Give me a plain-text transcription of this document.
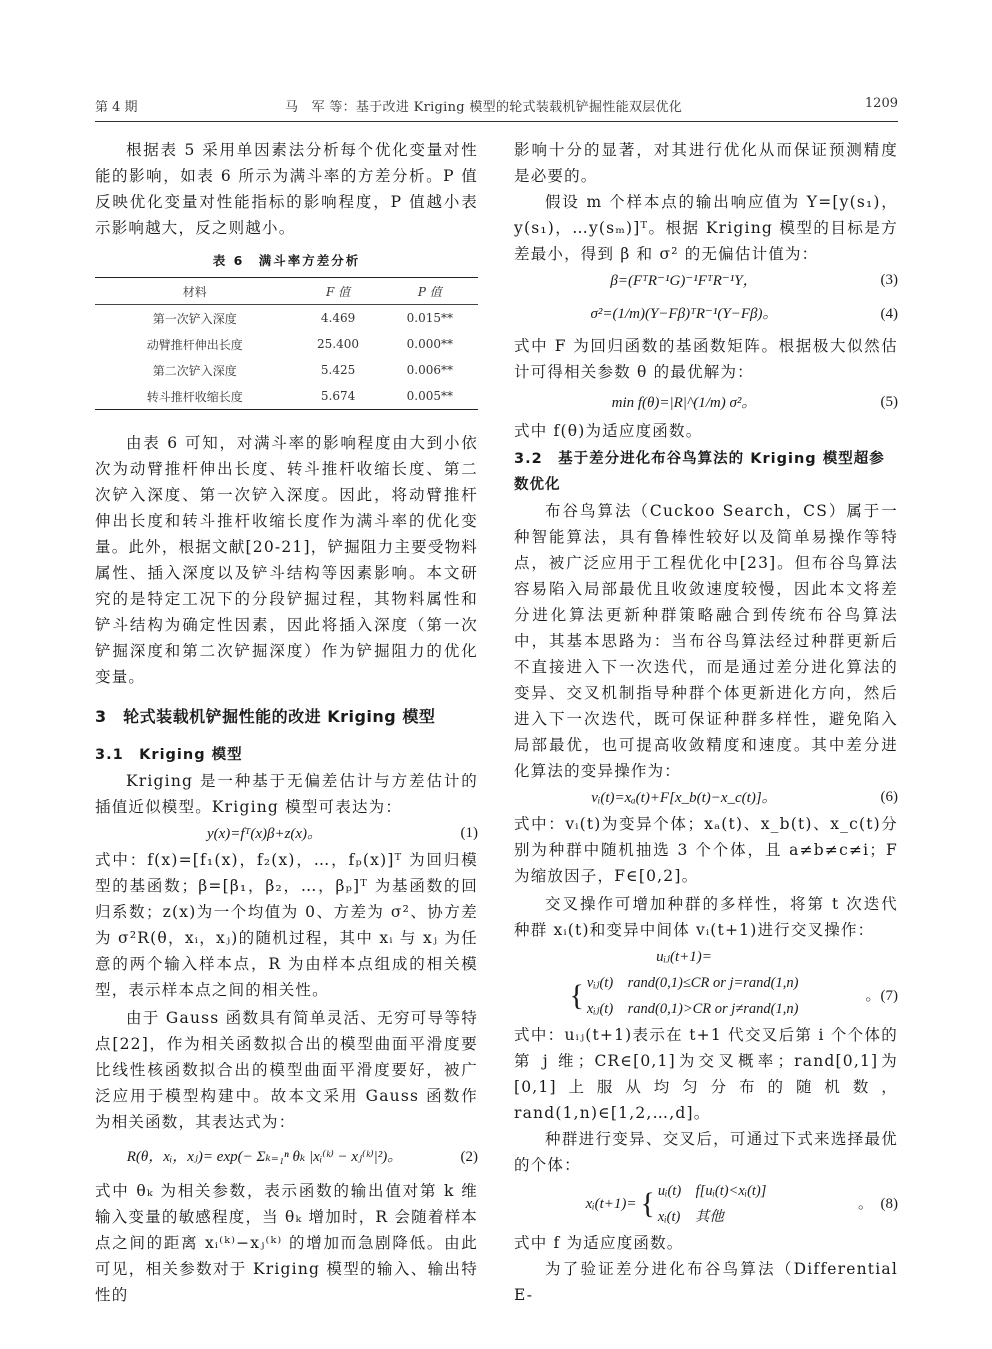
第 4 期	马　军 等：基于改进 Kriging 模型的轮式装载机铲掘性能双层优化	1209
根据表 5 采用单因素法分析每个优化变量对性能的影响，如表 6 所示为满斗率的方差分析。P 值反映优化变量对性能指标的影响程度，P 值越小表示影响越大，反之则越小。
表 6　满斗率方差分析
材料	F 值	P 值
第一次铲入深度	4.469	0.015**
动臂推杆伸出长度	25.400	0.000**
第二次铲入深度	5.425	0.006**
转斗推杆收缩长度	5.674	0.005**
由表 6 可知，对满斗率的影响程度由大到小依次为动臂推杆伸出长度、转斗推杆收缩长度、第二次铲入深度、第一次铲入深度。因此，将动臂推杆伸出长度和转斗推杆收缩长度作为满斗率的优化变量。此外，根据文献[20-21]，铲掘阻力主要受物料属性、插入深度以及铲斗结构等因素影响。本文研究的是特定工况下的分段铲掘过程，其物料属性和铲斗结构为确定性因素，因此将插入深度（第一次铲掘深度和第二次铲掘深度）作为铲掘阻力的优化变量。
3　轮式装载机铲掘性能的改进 Kriging 模型
3.1　Kriging 模型
Kriging 是一种基于无偏差估计与方差估计的插值近似模型。Kriging 模型可表达为：
y(x)=fᵀ(x)β+z(x)。	(1)
式中：f(x)=[f₁(x)，f₂(x)，…，fₚ(x)]ᵀ 为回归模型的基函数；β=[β₁，β₂，…，βₚ]ᵀ 为基函数的回归系数；z(x)为一个均值为 0、方差为 σ²、协方差为 σ²R(θ，xᵢ，xⱼ)的随机过程，其中 xᵢ 与 xⱼ 为任意的两个输入样本点，R 为由样本点组成的相关模型，表示样本点之间的相关性。
由于 Gauss 函数具有简单灵活、无穷可导等特点[22]，作为相关函数拟合出的模型曲面平滑度要比线性核函数拟合出的模型曲面平滑度要好，被广泛应用于模型构建中。故本文采用 Gauss 函数作为相关函数，其表达式为：
R(θ，xᵢ，xⱼ)= exp(− Σₖ₌₁ⁿ θₖ |xᵢ⁽ᵏ⁾ − xⱼ⁽ᵏ⁾|²)。	(2)
式中 θₖ 为相关参数，表示函数的输出值对第 k 维输入变量的敏感程度，当 θₖ 增加时，R 会随着样本点之间的距离 xᵢ⁽ᵏ⁾−xⱼ⁽ᵏ⁾ 的增加而急剧降低。由此可见，相关参数对于 Kriging 模型的输入、输出特性的
影响十分的显著，对其进行优化从而保证预测精度是必要的。
假设 m 个样本点的输出响应值为 Y=[y(s₁)，y(s₁)，…y(sₘ)]ᵀ。根据 Kriging 模型的目标是方差最小，得到 β 和 σ² 的无偏估计值为：
β=(FᵀR⁻¹G)⁻¹FᵀR⁻¹Y，	(3)
σ²=(1/m)(Y−Fβ)ᵀR⁻¹(Y−Fβ)。	(4)
式中 F 为回归函数的基函数矩阵。根据极大似然估计可得相关参数 θ 的最优解为：
min f(θ)=|R|^(1/m) σ²。	(5)
式中 f(θ)为适应度函数。
3.2　基于差分进化布谷鸟算法的 Kriging 模型超参数优化
布谷鸟算法（Cuckoo Search，CS）属于一种智能算法，具有鲁棒性较好以及简单易操作等特点，被广泛应用于工程优化中[23]。但布谷鸟算法容易陷入局部最优且收敛速度较慢，因此本文将差分进化算法更新种群策略融合到传统布谷鸟算法中，其基本思路为：当布谷鸟算法经过种群更新后不直接进入下一次迭代，而是通过差分进化算法的变异、交叉机制指导种群个体更新进化方向，然后进入下一次迭代，既可保证种群多样性，避免陷入局部最优，也可提高收敛精度和速度。其中差分进化算法的变异操作为：
vᵢ(t)=xₐ(t)+F[x_b(t)−x_c(t)]。	(6)
式中：vᵢ(t)为变异个体；xₐ(t)、x_b(t)、x_c(t)分别为种群中随机抽选 3 个个体，且 a≠b≠c≠i；F 为缩放因子，F∈[0,2]。
交叉操作可增加种群的多样性，将第 t 次迭代种群 xᵢ(t)和变异中间体 vᵢ(t+1)进行交叉操作：
uᵢⱼ(t+1)=
{ vᵢⱼ(t)　rand(0,1)≤CR or j=rand(1,n)
xᵢⱼ(t)　rand(0,1)>CR or j≠rand(1,n)
。(7)
式中：uᵢⱼ(t+1)表示在 t+1 代交叉后第 i 个个体的第 j 维；CR∈[0,1]为交叉概率；rand[0,1]为[0,1]上服从均匀分布的随机数，rand(1,n)∈[1,2,…,d]。
种群进行变异、交叉后，可通过下式来选择最优的个体：
xᵢ(t+1)= { uᵢ(t)　f[uᵢ(t)<xᵢ(t)]
xᵢ(t)　其他
。　(8)
式中 f 为适应度函数。
为了验证差分进化布谷鸟算法（Differential E-
